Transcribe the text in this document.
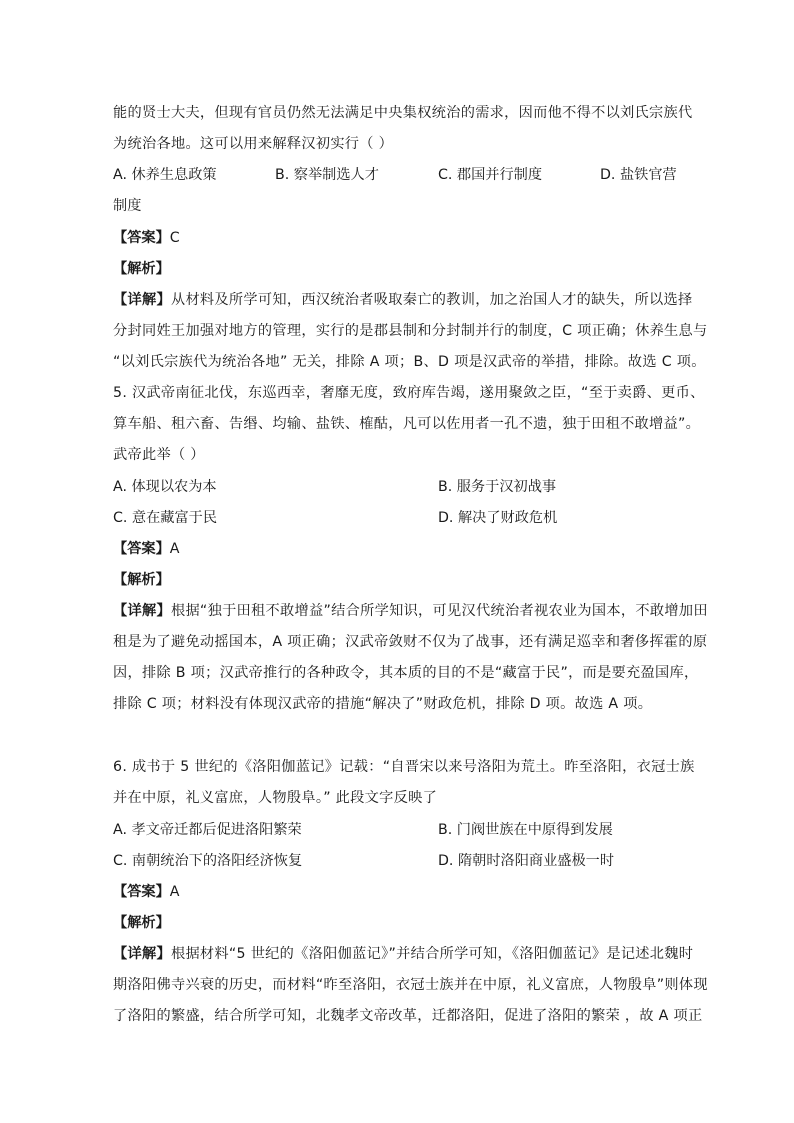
能的贤士大夫，但现有官员仍然无法满足中央集权统治的需求，因而他不得不以刘氏宗族代
为统治各地。这可以用来解释汉初实行（ ）
A. 休养生息政策	B. 察举制选人才	C. 郡国并行制度	D. 盐铁官营
制度
【答案】C
【解析】
【详解】从材料及所学可知，西汉统治者吸取秦亡的教训，加之治国人才的缺失，所以选择
分封同姓王加强对地方的管理，实行的是郡县制和分封制并行的制度，C 项正确；休养生息与
“以刘氏宗族代为统治各地” 无关，排除 A 项；B、D 项是汉武帝的举措，排除。故选 C 项。
5. 汉武帝南征北伐，东巡西幸，奢靡无度，致府库告竭，遂用聚敛之臣，“至于卖爵、更币、
算车船、租六畜、告缗、均输、盐铁、榷酤，凡可以佐用者一孔不遗，独于田租不敢增益”。
武帝此举（ ）
A. 体现以农为本	B. 服务于汉初战事
C. 意在藏富于民	D. 解决了财政危机
【答案】A
【解析】
【详解】根据“独于田租不敢增益”结合所学知识，可见汉代统治者视农业为国本，不敢增加田
租是为了避免动摇国本，A 项正确；汉武帝敛财不仅为了战事，还有满足巡幸和奢侈挥霍的原
因，排除 B 项；汉武帝推行的各种政令，其本质的目的不是“藏富于民”，而是要充盈国库，
排除 C 项；材料没有体现汉武帝的措施“解决了”财政危机，排除 D 项。故选 A 项。
6. 成书于 5 世纪的《洛阳伽蓝记》记载：“自晋宋以来号洛阳为荒土。昨至洛阳，衣冠士族
并在中原，礼义富庶，人物殷阜。” 此段文字反映了
A. 孝文帝迁都后促进洛阳繁荣	B. 门阀世族在中原得到发展
C. 南朝统治下的洛阳经济恢复	D. 隋朝时洛阳商业盛极一时
【答案】A
【解析】
【详解】根据材料“5 世纪的《洛阳伽蓝记》”并结合所学可知，《洛阳伽蓝记》是记述北魏时
期洛阳佛寺兴衰的历史，而材料“昨至洛阳，衣冠士族并在中原，礼义富庶，人物殷阜”则体现
了洛阳的繁盛，结合所学可知，北魏孝文帝改革，迁都洛阳，促进了洛阳的繁荣 ，故 A 项正
